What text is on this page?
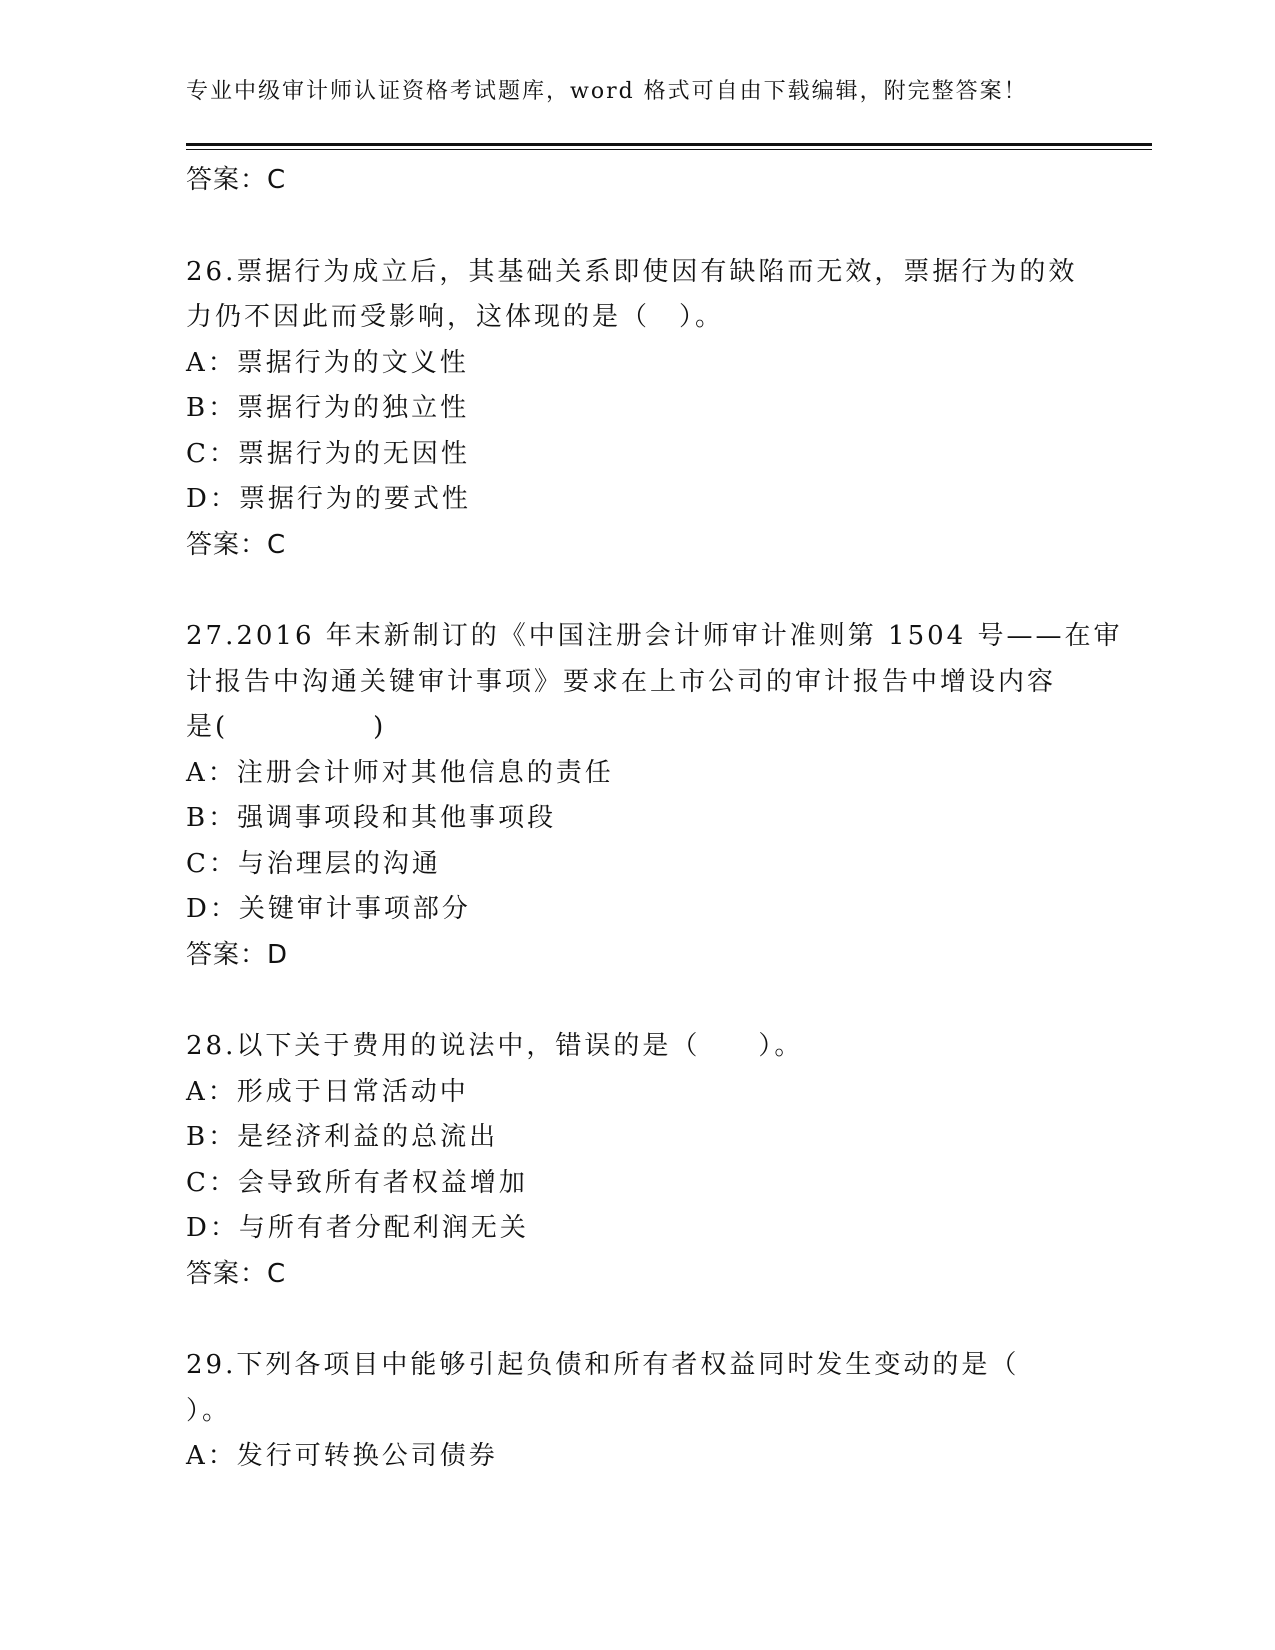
专业中级审计师认证资格考试题库，word 格式可自由下载编辑，附完整答案！
答案：C
26.票据行为成立后，其基础关系即使因有缺陷而无效，票据行为的效
力仍不因此而受影响，这体现的是（　）。
A：票据行为的文义性
B：票据行为的独立性
C：票据行为的无因性
D：票据行为的要式性
答案：C
27.2016 年末新制订的《中国注册会计师审计准则第 1504 号——在审
计报告中沟通关键审计事项》要求在上市公司的审计报告中增设内容
是(　　　　　)
A：注册会计师对其他信息的责任
B：强调事项段和其他事项段
C：与治理层的沟通
D：关键审计事项部分
答案：D
28.以下关于费用的说法中，错误的是（　　）。
A：形成于日常活动中
B：是经济利益的总流出
C：会导致所有者权益增加
D：与所有者分配利润无关
答案：C
29.下列各项目中能够引起负债和所有者权益同时发生变动的是（
）。
A：发行可转换公司债券
